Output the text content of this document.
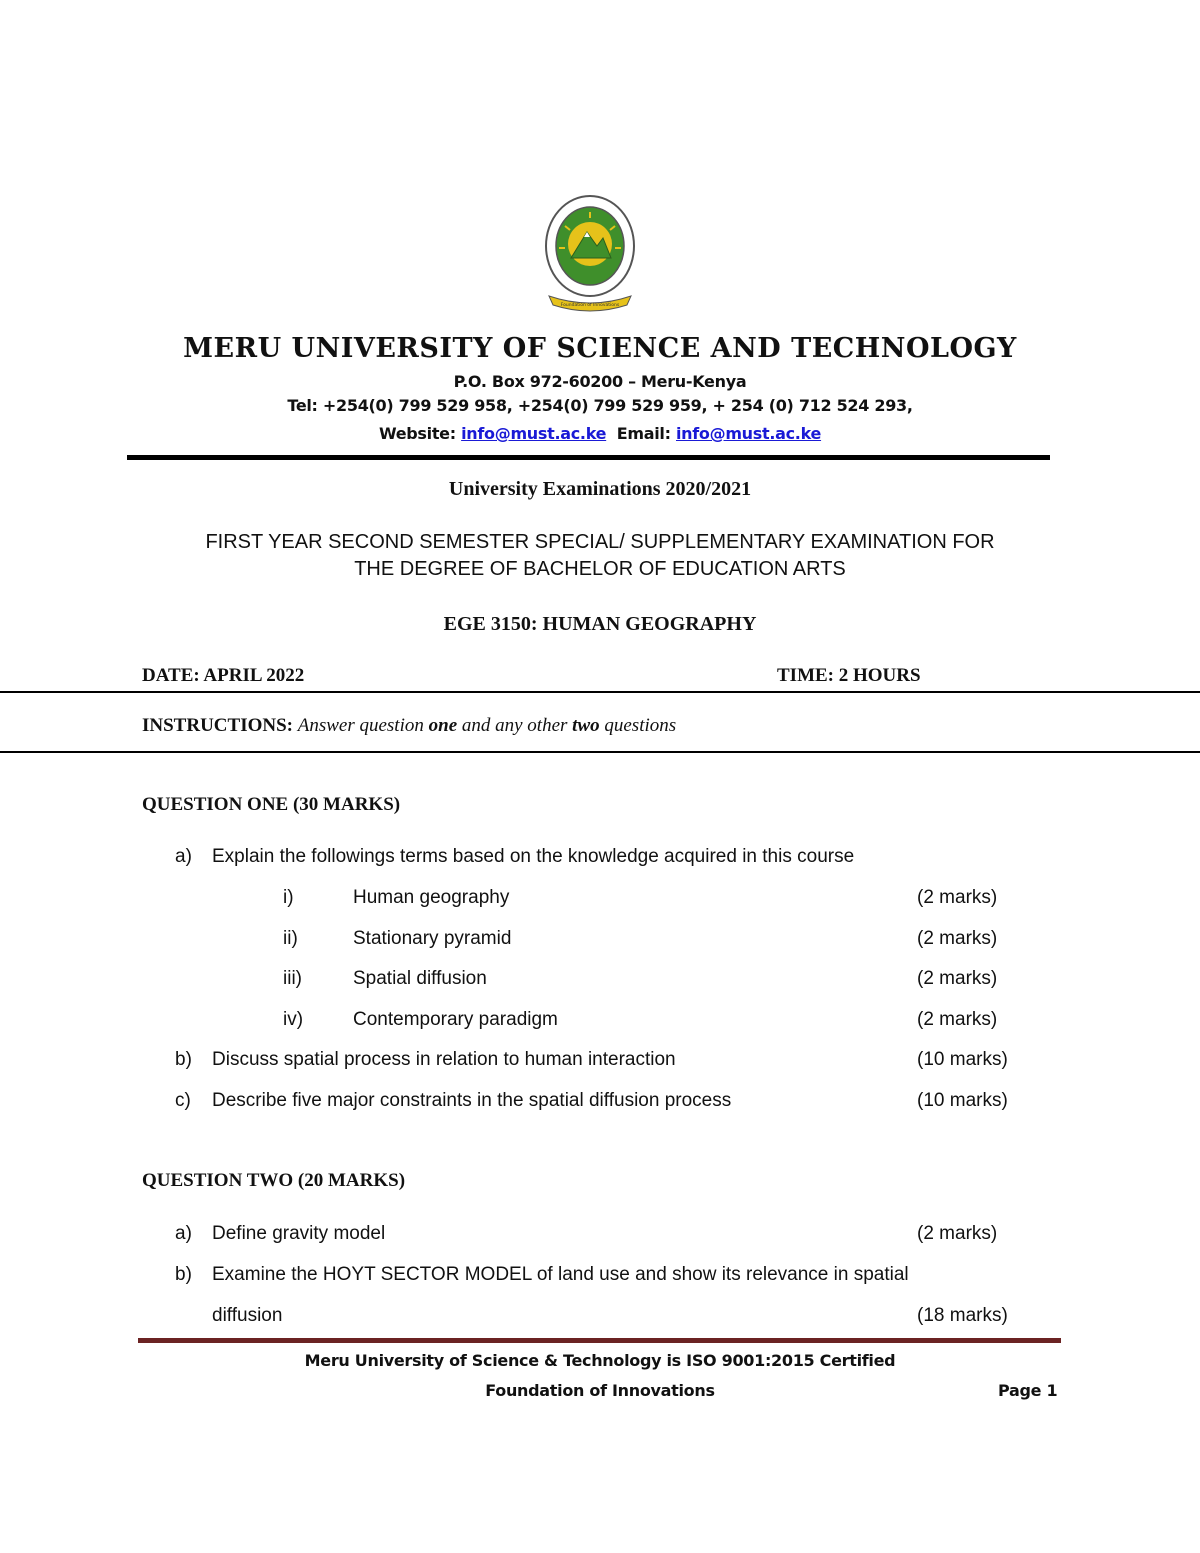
Foundation of Innovations
MERU UNIVERSITY OF SCIENCE AND TECHNOLOGY
P.O. Box 972-60200 – Meru-Kenya
Tel: +254(0) 799 529 958, +254(0) 799 529 959, + 254 (0) 712 524 293,
Website: info@must.ac.ke Email: info@must.ac.ke
University Examinations 2020/2021
FIRST YEAR SECOND SEMESTER SPECIAL/ SUPPLEMENTARY EXAMINATION FOR
THE DEGREE OF BACHELOR OF EDUCATION ARTS
EGE 3150: HUMAN GEOGRAPHY
DATE: APRIL 2022	TIME: 2 HOURS
INSTRUCTIONS: Answer question one and any other two questions
QUESTION ONE (30 MARKS)
a) Explain the followings terms based on the knowledge acquired in this course
i)	Human geography	(2 marks)
ii)	Stationary pyramid	(2 marks)
iii)	Spatial diffusion	(2 marks)
iv)	Contemporary paradigm	(2 marks)
b) Discuss spatial process in relation to human interaction	(10 marks)
c) Describe five major constraints in the spatial diffusion process	(10 marks)
QUESTION TWO (20 MARKS)
a) Define gravity model	(2 marks)
b) Examine the HOYT SECTOR MODEL of land use and show its relevance in spatial
diffusion	(18 marks)
Meru University of Science & Technology is ISO 9001:2015 Certified
Foundation of Innovations	Page 1
